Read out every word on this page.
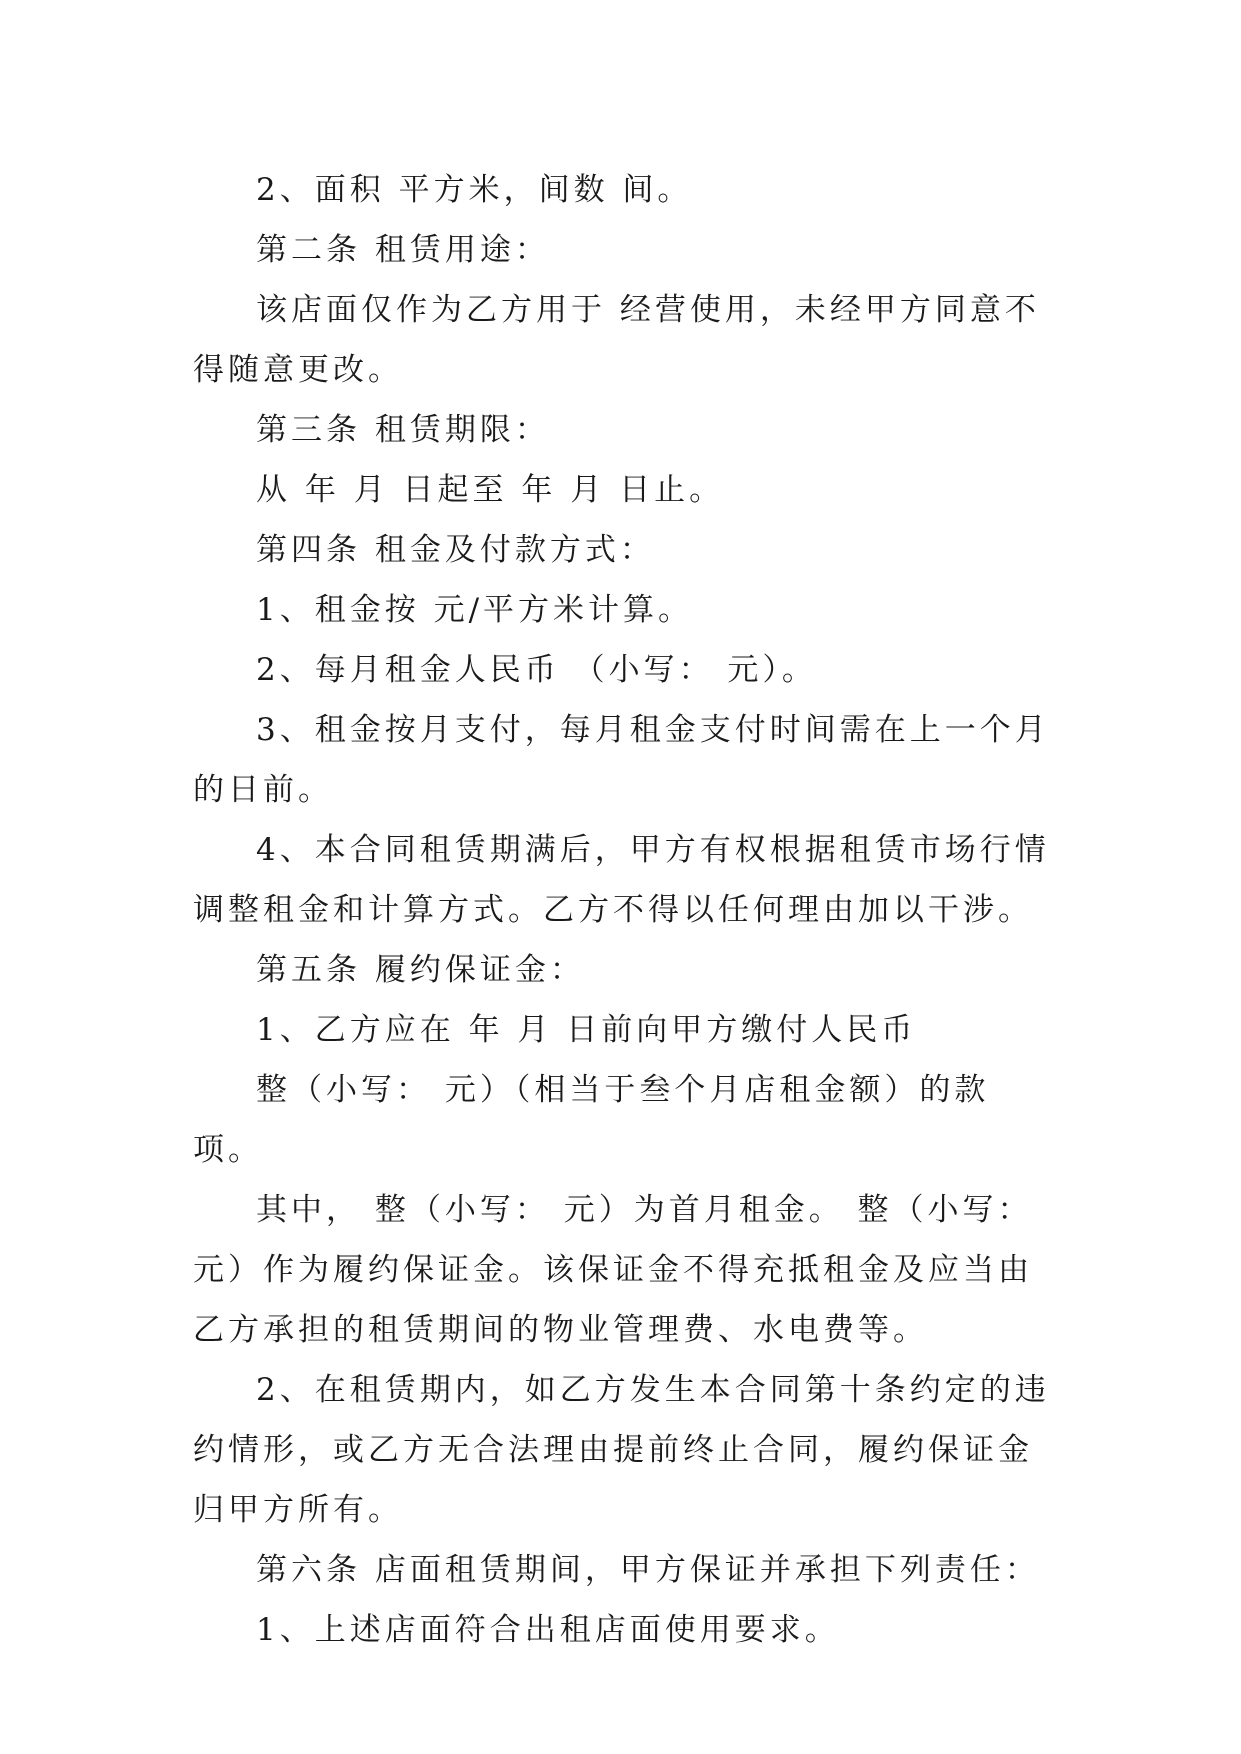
2、面积 平方米，间数 间。

第二条 租赁用途：

该店面仅作为乙方用于 经营使用，未经甲方同意不得随意更改。

第三条 租赁期限：

从 年 月 日起至 年 月 日止。

第四条 租金及付款方式：

1、租金按 元/平方米计算。

2、每月租金人民币 （小写： 元）。

3、租金按月支付，每月租金支付时间需在上一个月的日前。

4、本合同租赁期满后，甲方有权根据租赁市场行情调整租金和计算方式。乙方不得以任何理由加以干涉。

第五条 履约保证金：

1、乙方应在 年 月 日前向甲方缴付人民币

整（小写： 元）（相当于叁个月店租金额）的款项。

其中， 整（小写： 元）为首月租金。 整（小写： 元）作为履约保证金。该保证金不得充抵租金及应当由乙方承担的租赁期间的物业管理费、水电费等。

2、在租赁期内，如乙方发生本合同第十条约定的违约情形，或乙方无合法理由提前终止合同，履约保证金归甲方所有。

第六条 店面租赁期间，甲方保证并承担下列责任：

1、上述店面符合出租店面使用要求。
